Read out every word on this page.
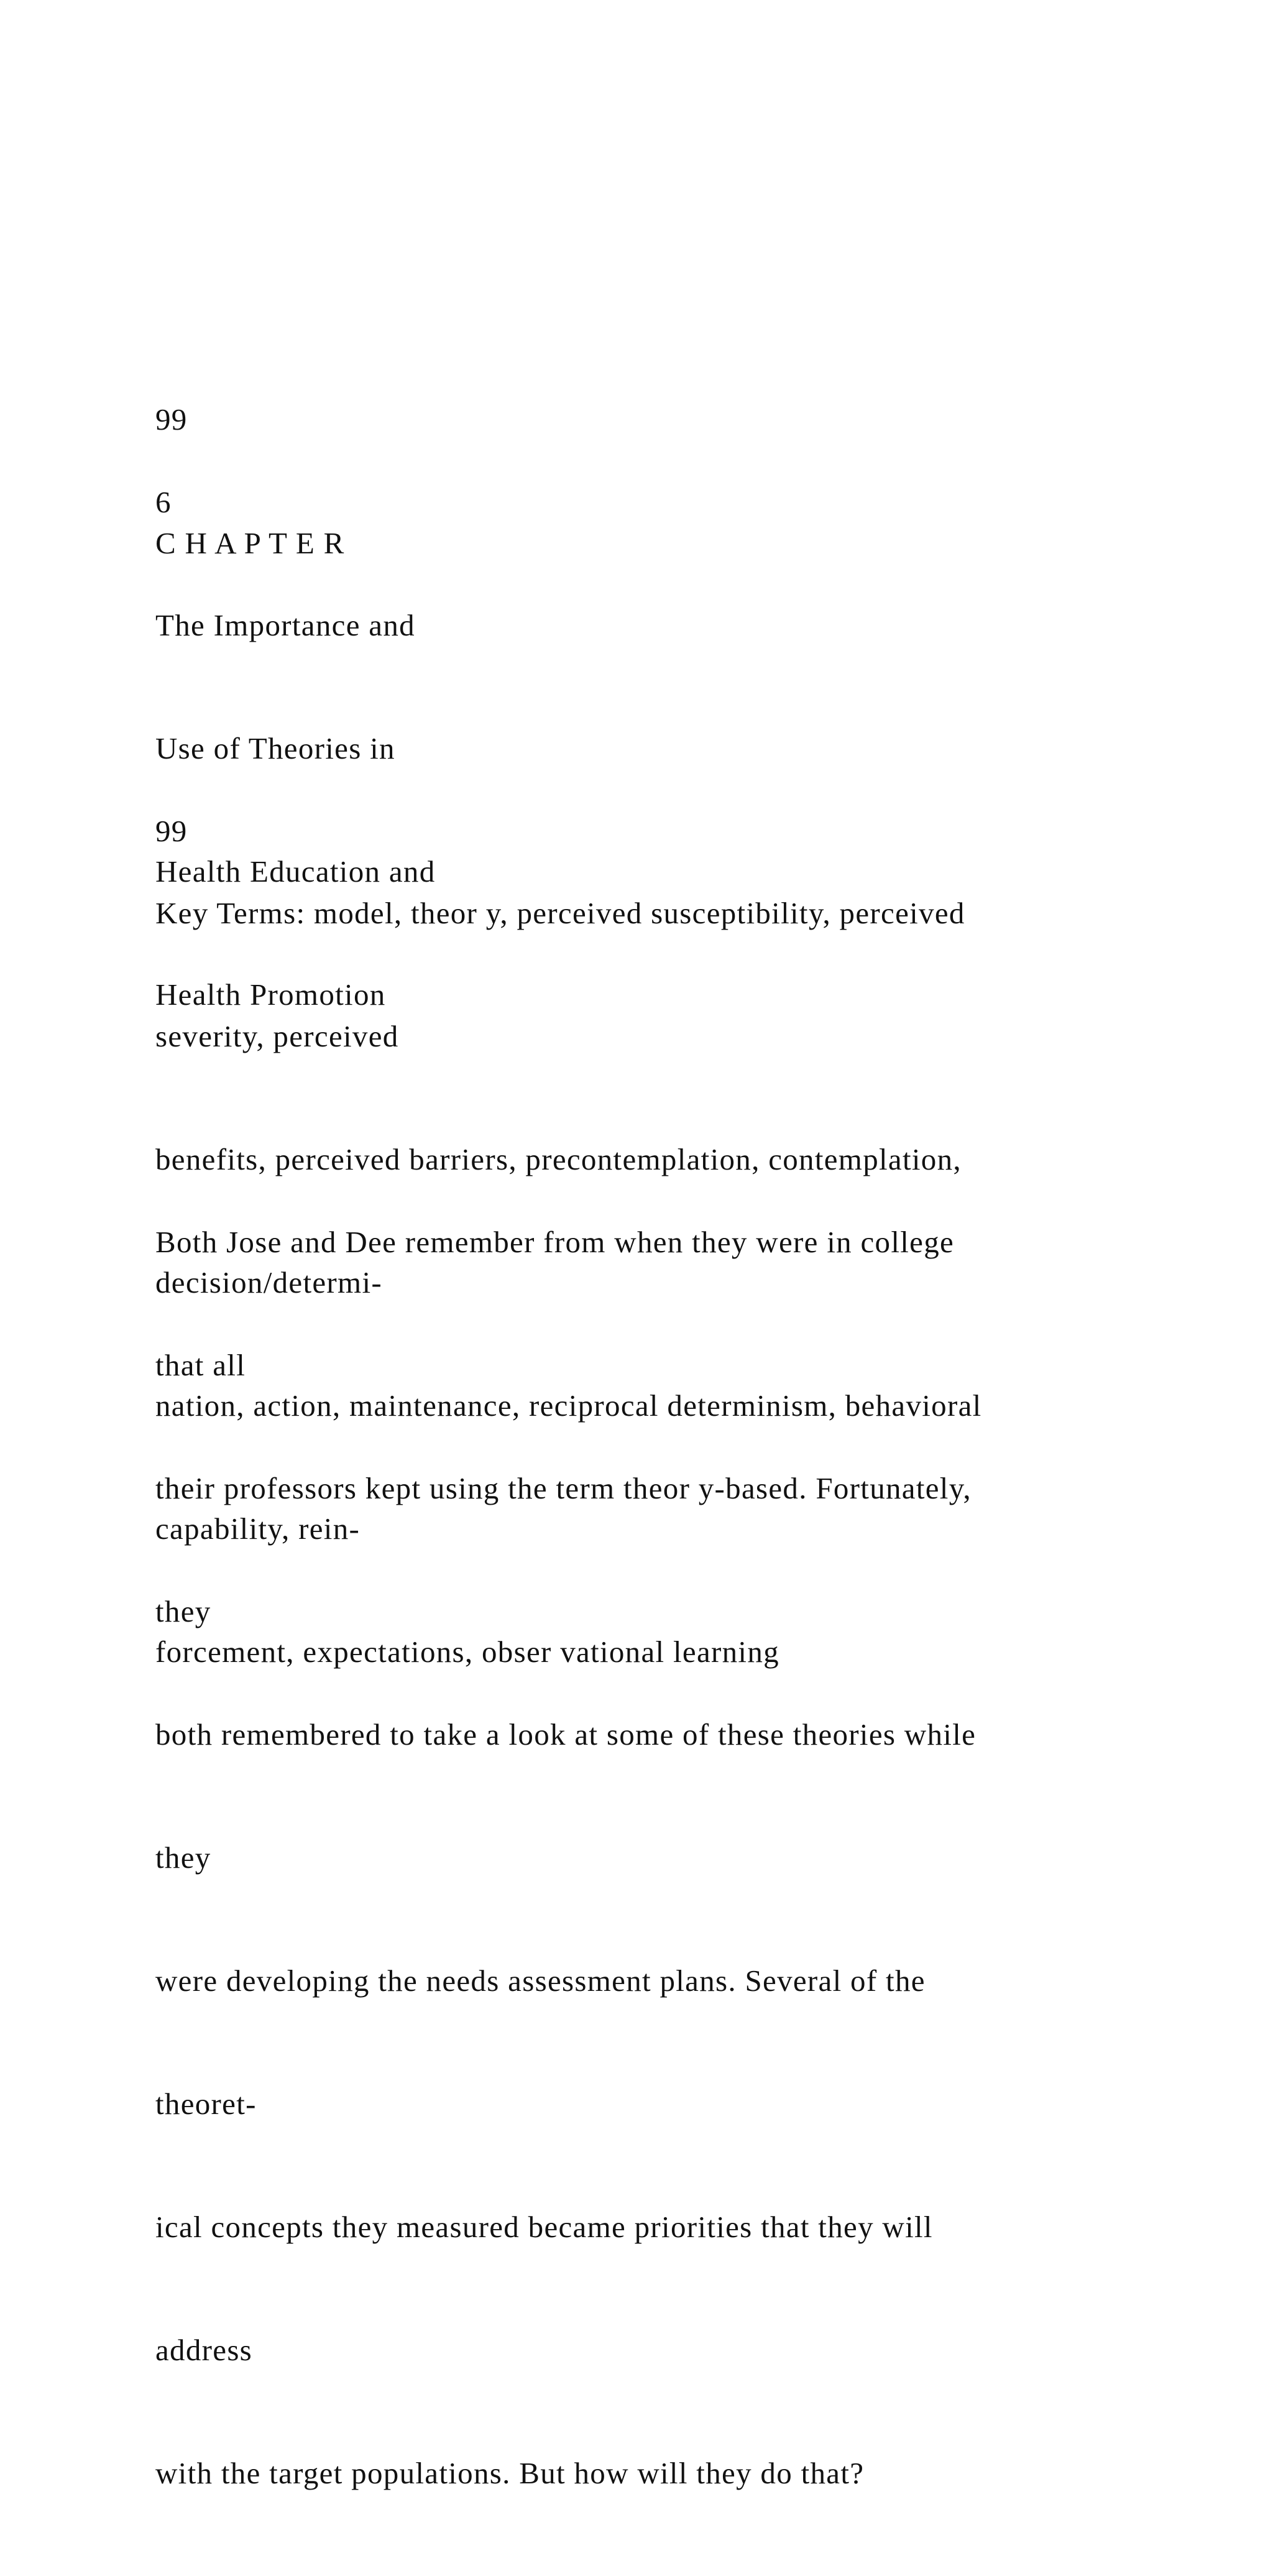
99

6

C H A P T E R

The Importance and

Use of Theories in

Health Education and

Health Promotion

99

Key Terms: model, theor y, perceived susceptibility, perceived

severity, perceived

benefits, perceived barriers, precontemplation, contemplation,

decision/determi-

nation, action, maintenance, reciprocal determinism, behavioral

capability, rein-

forcement, expectations, obser vational learning

Both Jose and Dee remember from when they were in college

that all

their professors kept using the term theor y-based. Fortunately,

they

both remembered to take a look at some of these theories while

they

were developing the needs assessment plans. Several of the

theoret-

ical concepts they measured became priorities that they will

address

with the target populations. But how will they do that?
